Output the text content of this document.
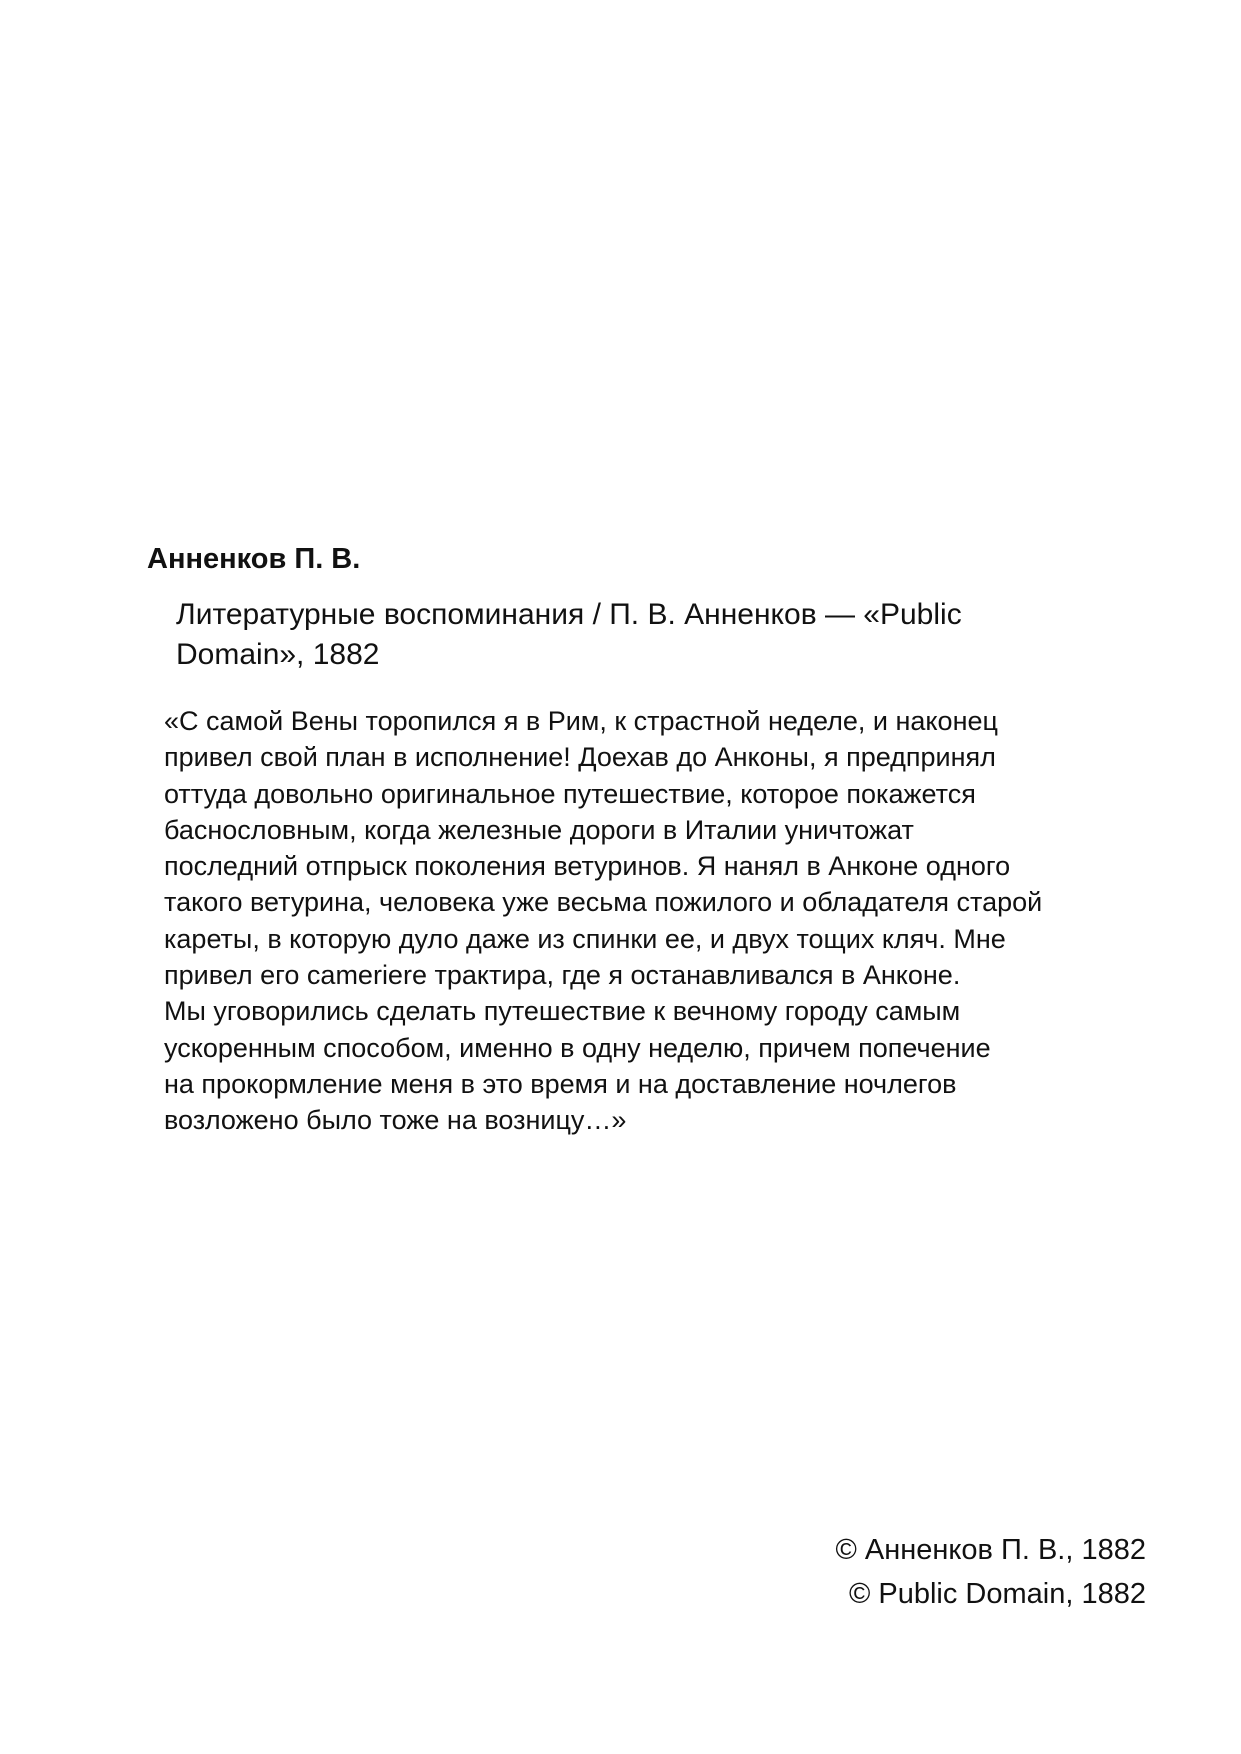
Анненков П. В.

Литературные воспоминания / П. В. Анненков — «Public

Domain», 1882

«С самой Вены торопился я в Рим, к страстной неделе, и наконец

привел свой план в исполнение! Доехав до Анконы, я предпринял

оттуда довольно оригинальное путешествие, которое покажется

баснословным, когда железные дороги в Италии уничтожат

последний отпрыск поколения ветуринов. Я нанял в Анконе одного

такого ветурина, человека уже весьма пожилого и обладателя старой

кареты, в которую дуло даже из спинки ее, и двух тощих кляч. Мне

привел его cameriere трактира, где я останавливался в Анконе.

Мы уговорились сделать путешествие к вечному городу самым

ускоренным способом, именно в одну неделю, причем попечение

на прокормление меня в это время и на доставление ночлегов

возложено было тоже на возницу…»

© Анненков П. В., 1882

© Public Domain, 1882
